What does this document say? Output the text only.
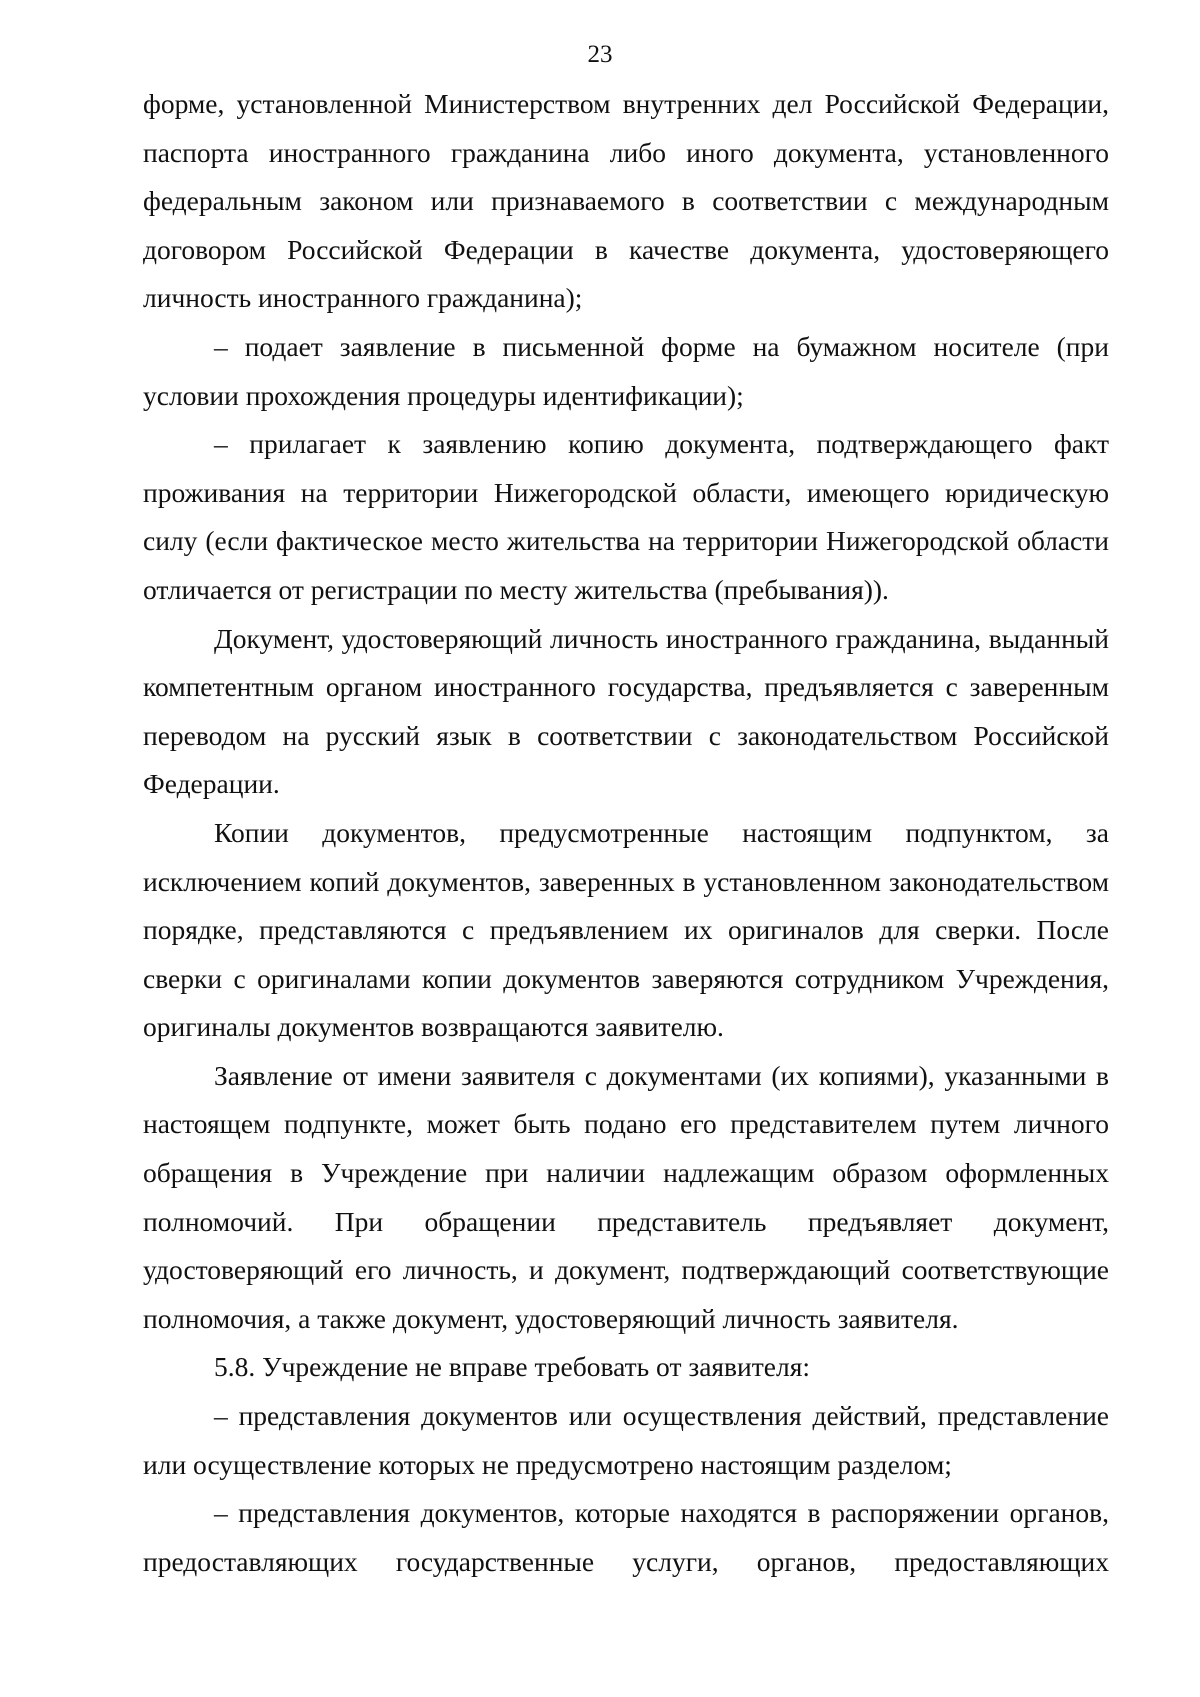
23

форме, установленной Министерством внутренних дел Российской Федерации, паспорта иностранного гражданина либо иного документа, установленного федеральным законом или признаваемого в соответствии с международным договором Российской Федерации в качестве документа, удостоверяющего личность иностранного гражданина);

– подает заявление в письменной форме на бумажном носителе (при условии прохождения процедуры идентификации);

– прилагает к заявлению копию документа, подтверждающего факт проживания на территории Нижегородской области, имеющего юридическую силу (если фактическое место жительства на территории Нижегородской области отличается от регистрации по месту жительства (пребывания)).

Документ, удостоверяющий личность иностранного гражданина, выданный компетентным органом иностранного государства, предъявляется с заверенным переводом на русский язык в соответствии с законодательством Российской Федерации.

Копии документов, предусмотренные настоящим подпунктом, за исключением копий документов, заверенных в установленном законодательством порядке, представляются с предъявлением их оригиналов для сверки. После сверки с оригиналами копии документов заверяются сотрудником Учреждения, оригиналы документов возвращаются заявителю.

Заявление от имени заявителя с документами (их копиями), указанными в настоящем подпункте, может быть подано его представителем путем личного обращения в Учреждение при наличии надлежащим образом оформленных полномочий. При обращении представитель предъявляет документ, удостоверяющий его личность, и документ, подтверждающий соответствующие полномочия, а также документ, удостоверяющий личность заявителя.

5.8. Учреждение не вправе требовать от заявителя:

– представления документов или осуществления действий, представление или осуществление которых не предусмотрено настоящим разделом;

– представления документов, которые находятся в распоряжении органов, предоставляющих государственные услуги, органов, предоставляющих
